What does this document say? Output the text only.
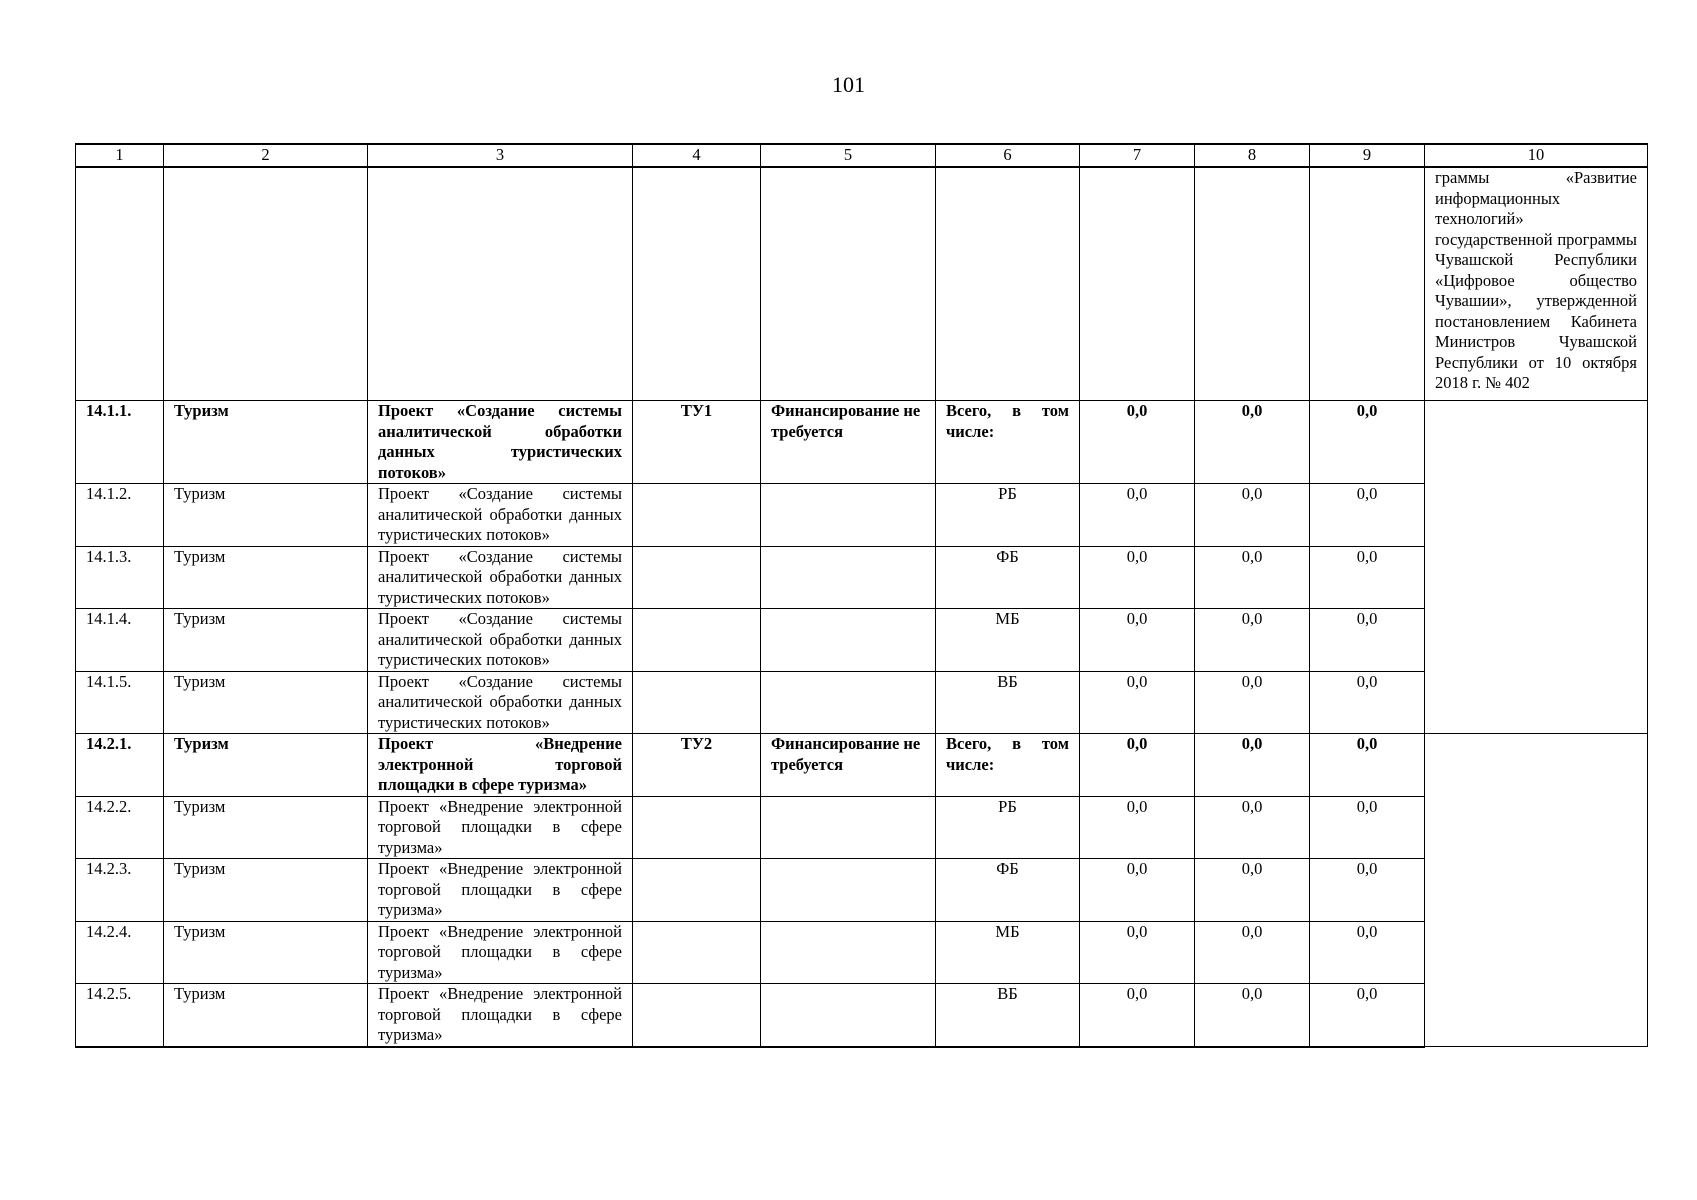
101
1	2	3	4	5	6	7	8	9	10
									граммы «Развитие информационных технологий» государственной программы Чувашской Республики «Цифровое общество Чувашии», утвержденной постановлением Кабинета Министров Чувашской Республики от 10 октября 2018 г. № 402
14.1.1.	Туризм	Проект «Создание системы аналитической обработки данных туристических потоков»	ТУ1	Финансирование не требуется	Всего, в том числе:	0,0	0,0	0,0	
14.1.2.	Туризм	Проект «Создание системы аналитической обработки данных туристических потоков»			РБ	0,0	0,0	0,0	
14.1.3.	Туризм	Проект «Создание системы аналитической обработки данных туристических потоков»			ФБ	0,0	0,0	0,0	
14.1.4.	Туризм	Проект «Создание системы аналитической обработки данных туристических потоков»			МБ	0,0	0,0	0,0	
14.1.5.	Туризм	Проект «Создание системы аналитической обработки данных туристических потоков»			ВБ	0,0	0,0	0,0	
14.2.1.	Туризм	Проект «Внедрение электронной торговой площадки в сфере туризма»	ТУ2	Финансирование не требуется	Всего, в том числе:	0,0	0,0	0,0	
14.2.2.	Туризм	Проект «Внедрение электронной торговой площадки в сфере туризма»			РБ	0,0	0,0	0,0	
14.2.3.	Туризм	Проект «Внедрение электронной торговой площадки в сфере туризма»			ФБ	0,0	0,0	0,0	
14.2.4.	Туризм	Проект «Внедрение электронной торговой площадки в сфере туризма»			МБ	0,0	0,0	0,0	
14.2.5.	Туризм	Проект «Внедрение электронной торговой площадки в сфере туризма»			ВБ	0,0	0,0	0,0	
